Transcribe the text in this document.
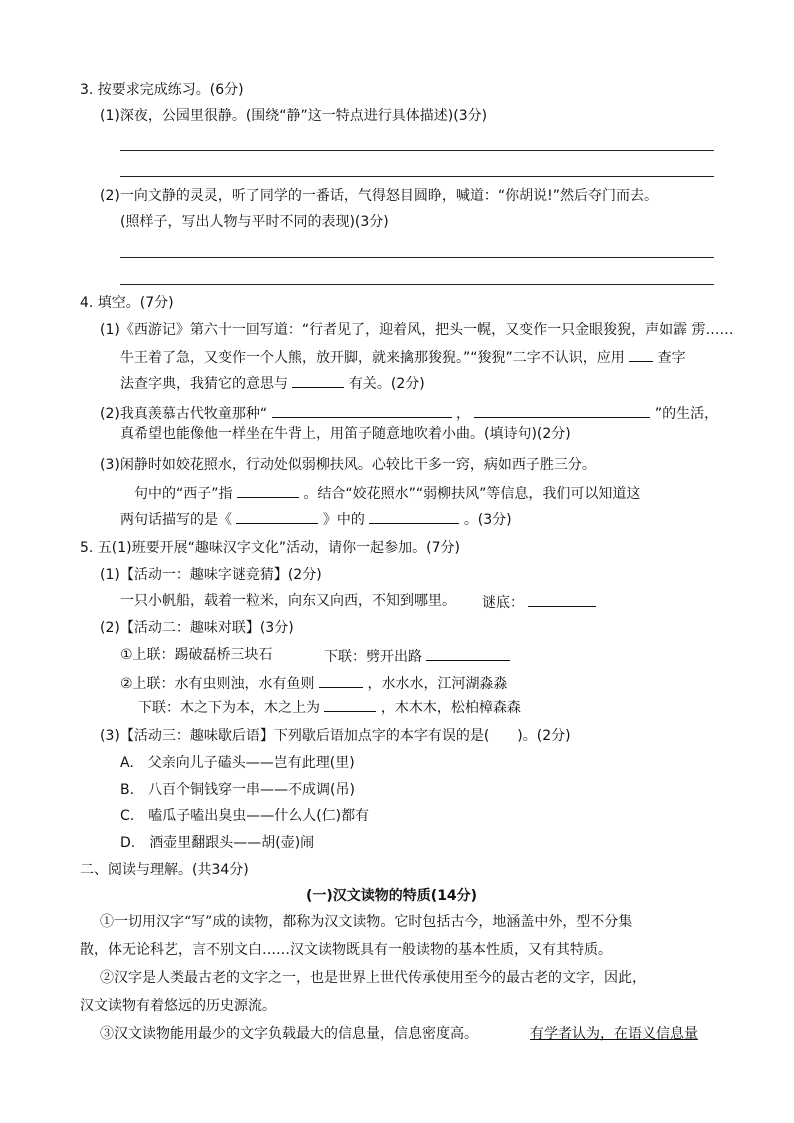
3. 按要求完成练习。(6分)
(1)深夜，公园里很静。(围绕“静”这一特点进行具体描述)(3分)
(2)一向文静的灵灵，听了同学的一番话，气得怒目圆睁，喊道：“你胡说!”然后夺门而去。
(照样子，写出人物与平时不同的表现)(3分)
4. 填空。(7分)
(1)《西游记》第六十一回写道：“行者见了，迎着风，把头一幌，又变作一只金眼狻猊，声如霹 雳……
牛王着了急，又变作一个人熊，放开脚，就来擒那狻猊。”“狻猊”二字不认识，应用 查字
法查字典，我猜它的意思与	有关。(2分)
(2)我真羡慕古代牧童那种“	，	”的生活，
真希望也能像他一样坐在牛背上，用笛子随意地吹着小曲。(填诗句)(2分)
(3)闲静时如姣花照水，行动处似弱柳扶风。心较比干多一窍，病如西子胜三分。
句中的“西子”指	。结合“姣花照水”“弱柳扶风”等信息，我们可以知道这
两句话描写的是《	》中的	。(3分)
5. 五(1)班要开展“趣味汉字文化”活动，请你一起参加。(7分)
(1)【活动一：趣味字谜竞猜】(2分)
一只小帆船，载着一粒米，向东又向西，不知到哪里。 谜底：
(2)【活动二：趣味对联】(3分)
①上联：踢破磊桥三块石	下联：劈开出路
②上联：水有虫则浊，水有鱼则	，水水水，江河湖淼淼
下联：木之下为本，木之上为	，木木木，松柏樟森森
(3)【活动三：趣味歇后语】下列歇后语加点字的本字有误的是(　　)。(2分)
A.　父亲向儿子磕头——岂有此理(里)
B.　八百个铜钱穿一串——不成调(吊)
C.　嗑瓜子嗑出臭虫——什么人(仁)都有
D.　酒壶里翻跟头——胡(壶)闹
二、阅读与理解。(共34分)
(一)汉文读物的特质(14分)
①一切用汉字“写”成的读物，都称为汉文读物。它时包括古今，地涵盖中外，型不分集
散，体无论科艺，言不别文白……汉文读物既具有一般读物的基本性质，又有其特质。
②汉字是人类最古老的文字之一，也是世界上世代传承使用至今的最古老的文字，因此，
汉文读物有着悠远的历史源流。
③汉文读物能用最少的文字负载最大的信息量，信息密度高。	有学者认为，在语义信息量
